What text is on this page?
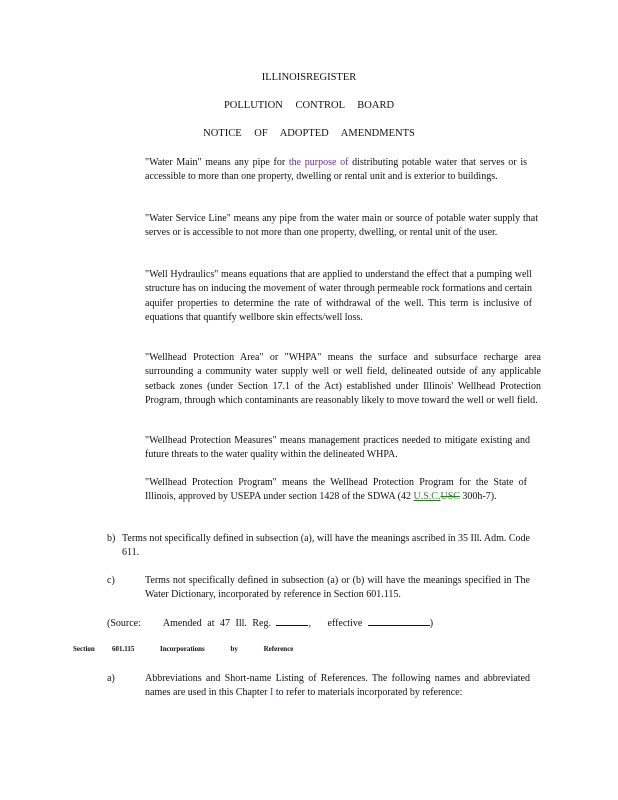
ILLINOISREGISTER
POLLUTION CONTROL BOARD
NOTICE OF ADOPTED AMENDMENTS

"Water Main" means any pipe for the purpose of distributing potable water that serves or is accessible to more than one property, dwelling or rental unit and is exterior to buildings.

"Water Service Line" means any pipe from the water main or source of potable water supply that serves or is accessible to not more than one property, dwelling, or rental unit of the user.

"Well Hydraulics" means equations that are applied to understand the effect that a pumping well structure has on inducing the movement of water through permeable rock formations and certain aquifer properties to determine the rate of withdrawal of the well. This term is inclusive of equations that quantify wellbore skin effects/well loss.

"Wellhead Protection Area" or "WHPA" means the surface and subsurface recharge area surrounding a community water supply well or well field, delineated outside of any applicable setback zones (under Section 17.1 of the Act) established under Illinois' Wellhead Protection Program, through which contaminants are reasonably likely to move toward the well or well field.

"Wellhead Protection Measures" means management practices needed to mitigate existing and future threats to the water quality within the delineated WHPA.

"Wellhead Protection Program" means the Wellhead Protection Program for the State of Illinois, approved by USEPA under section 1428 of the SDWA (42 U.S.C.USC 300h-7).

b) Terms not specifically defined in subsection (a), will have the meanings ascribed in 35 Ill. Adm. Code 611.

c)	Terms not specifically defined in subsection (a) or (b) will have the meanings specified in The Water Dictionary, incorporated by reference in Section 601.115.

(Source: Amended at 47 Ill. Reg.	,   effective	)
Section 601.115	Incorporations by Reference
a)	Abbreviations and Short-name Listing of References. The following names and abbreviated names are used in this Chapter I to refer to materials incorporated by reference:
